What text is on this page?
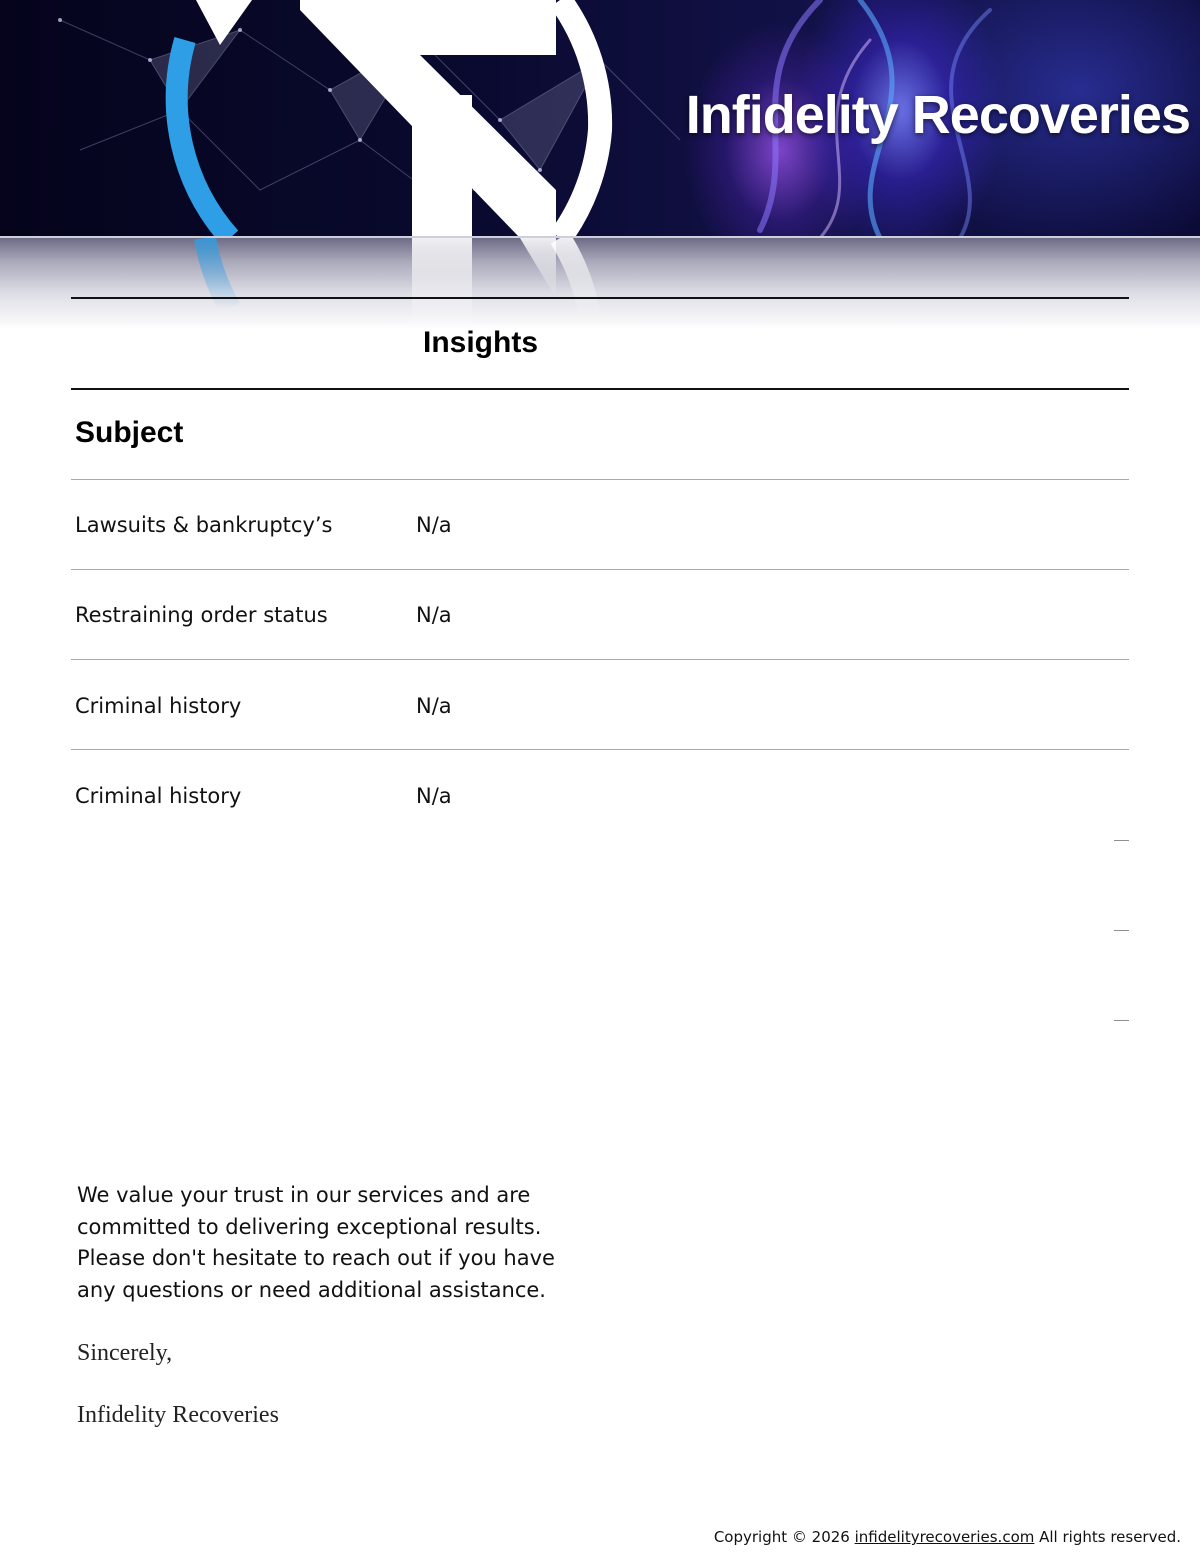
Infidelity Recoveries
Insights
Subject
Lawsuits & bankruptcy’s	N/a
Restraining order status	N/a
Criminal history	N/a
Criminal history	N/a
We value your trust in our services and are committed to delivering exceptional results. Please don't hesitate to reach out if you have any questions or need additional assistance.
Sincerely,
Infidelity Recoveries
Copyright © 2026 infidelityrecoveries.com All rights reserved.
